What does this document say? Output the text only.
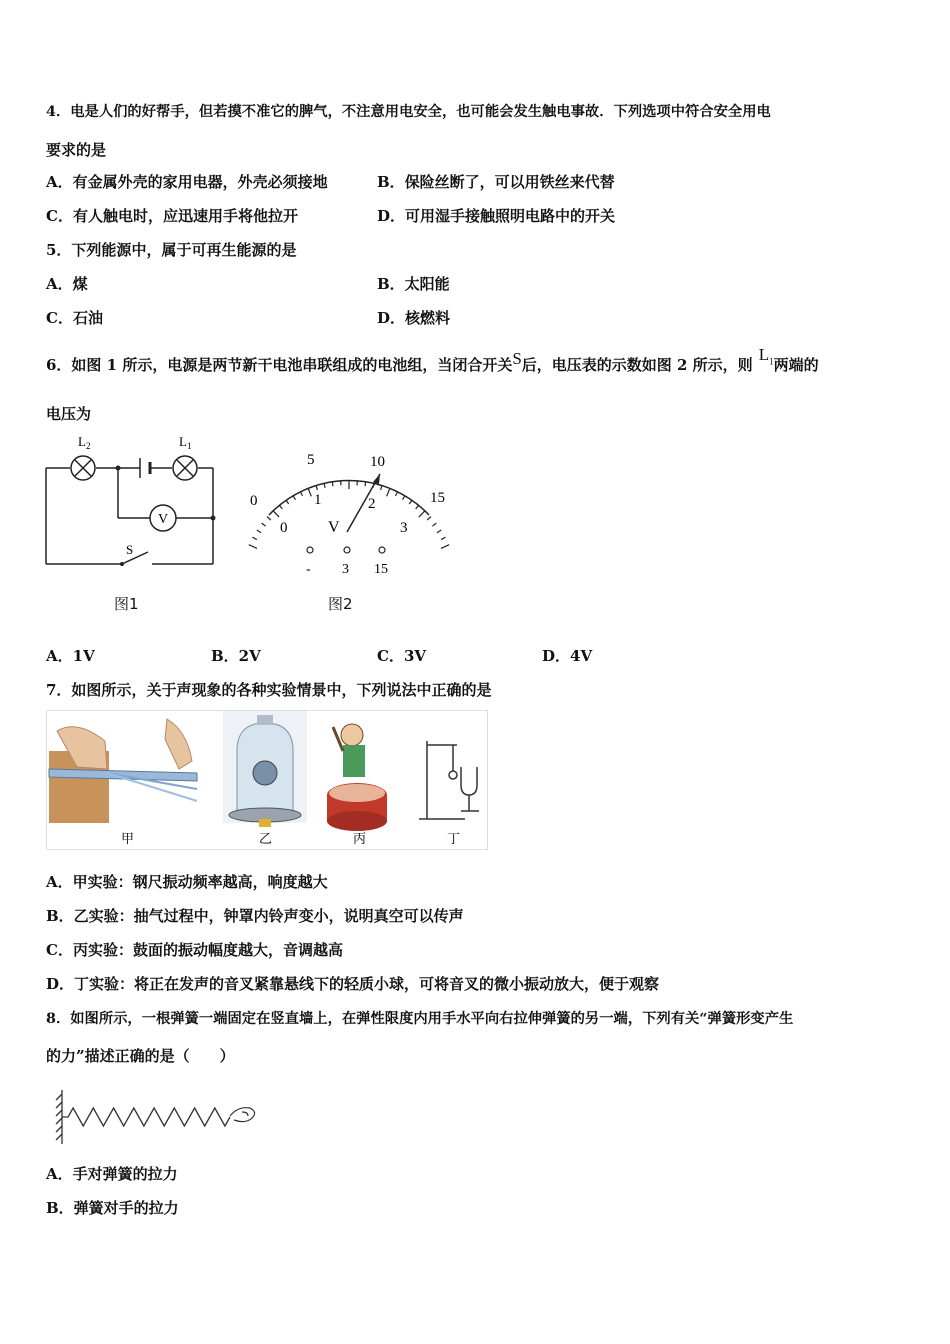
4．电是人们的好帮手，但若摸不准它的脾气，不注意用电安全，也可能会发生触电事故．下列选项中符合安全用电
要求的是
A．有金属外壳的家用电器，外壳必须接地	B．保险丝断了，可以用铁丝来代替
C．有人触电时，应迅速用手将他拉开	D．可用湿手接触照明电路中的开关
5．下列能源中，属于可再生能源的是
A．煤	B．太阳能
C．石油	D．核燃料
6．如图 1 所示，电源是两节新干电池串联组成的电池组，当闭合开关S后，电压表的示数如图 2 所示，则$L_1$两端的
电压为
V
$L_2$	$L_1$
S
图1
0
5	10
15
0
1	2
3
V
- 3 15
图2
A．1V	B．2V	C．3V	D．4V
7．如图所示，关于声现象的各种实验情景中，下列说法中正确的是
甲	乙	丙	丁
A．甲实验：钢尺振动频率越高，响度越大
B．乙实验：抽气过程中，钟罩内铃声变小，说明真空可以传声
C．丙实验：鼓面的振动幅度越大，音调越高
D．丁实验：将正在发声的音叉紧靠悬线下的轻质小球，可将音叉的微小振动放大，便于观察
8．如图所示，一根弹簧一端固定在竖直墙上，在弹性限度内用手水平向右拉伸弹簧的另一端，下列有关“弹簧形变产生
的力”描述正确的是（　　）
A．手对弹簧的拉力
B．弹簧对手的拉力
